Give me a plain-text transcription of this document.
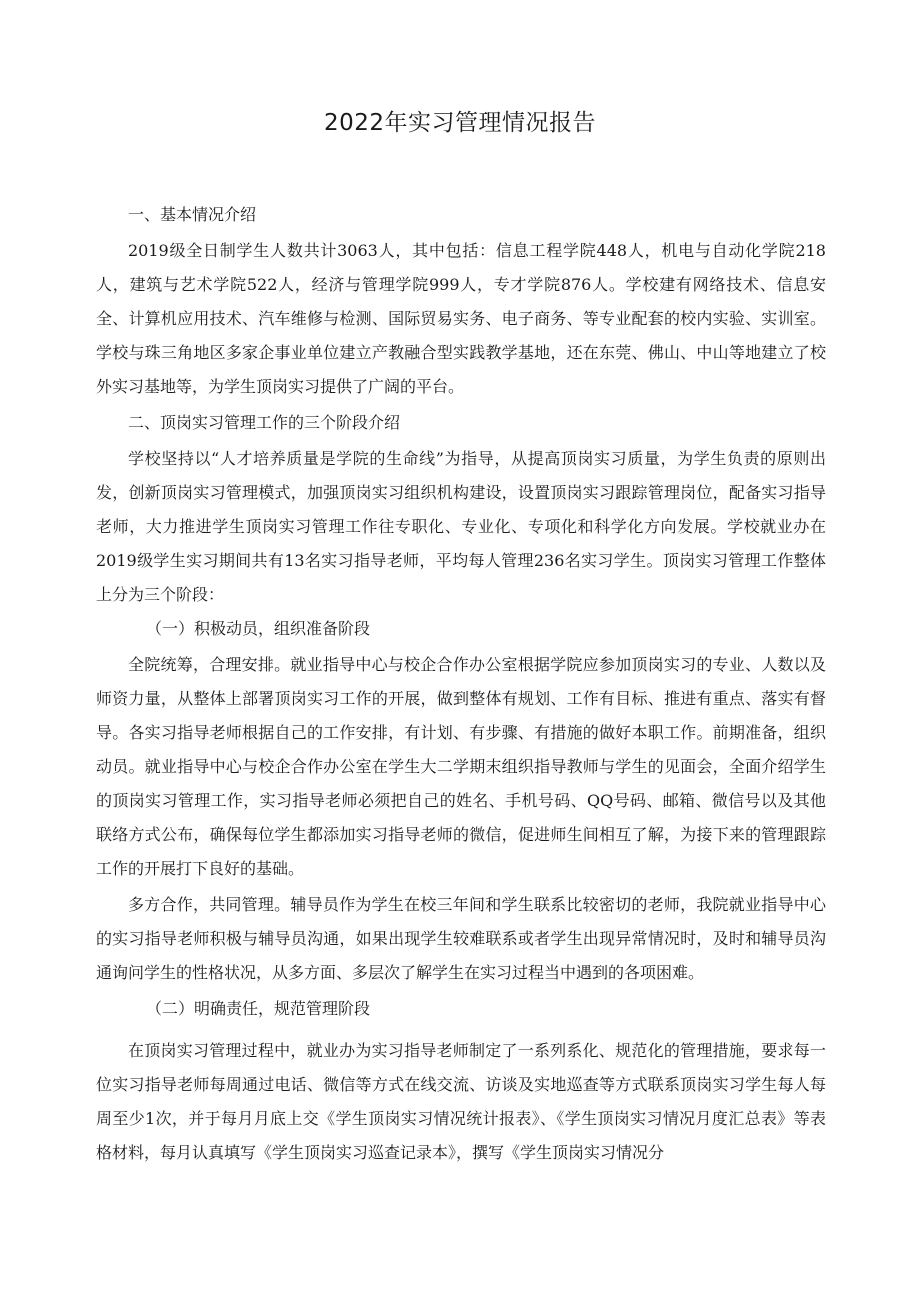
2022年实习管理情况报告

一、基本情况介绍

2019级全日制学生人数共计3063人，其中包括：信息工程学院448人，机电与自动化学院218人，建筑与艺术学院522人，经济与管理学院999人，专才学院876人。学校建有网络技术、信息安全、计算机应用技术、汽车维修与检测、国际贸易实务、电子商务、等专业配套的校内实验、实训室。学校与珠三角地区多家企事业单位建立产教融合型实践教学基地，还在东莞、佛山、中山等地建立了校外实习基地等，为学生顶岗实习提供了广阔的平台。

二、顶岗实习管理工作的三个阶段介绍

学校坚持以“人才培养质量是学院的生命线”为指导，从提高顶岗实习质量，为学生负责的原则出发，创新顶岗实习管理模式，加强顶岗实习组织机构建设，设置顶岗实习跟踪管理岗位，配备实习指导老师，大力推进学生顶岗实习管理工作往专职化、专业化、专项化和科学化方向发展。学校就业办在2019级学生实习期间共有13名实习指导老师，平均每人管理236名实习学生。顶岗实习管理工作整体上分为三个阶段：

（一）积极动员，组织准备阶段

全院统筹，合理安排。就业指导中心与校企合作办公室根据学院应参加顶岗实习的专业、人数以及师资力量，从整体上部署顶岗实习工作的开展，做到整体有规划、工作有目标、推进有重点、落实有督导。各实习指导老师根据自己的工作安排，有计划、有步骤、有措施的做好本职工作。前期准备，组织动员。就业指导中心与校企合作办公室在学生大二学期末组织指导教师与学生的见面会，全面介绍学生的顶岗实习管理工作，实习指导老师必须把自己的姓名、手机号码、QQ号码、邮箱、微信号以及其他联络方式公布，确保每位学生都添加实习指导老师的微信，促进师生间相互了解，为接下来的管理跟踪工作的开展打下良好的基础。

多方合作，共同管理。辅导员作为学生在校三年间和学生联系比较密切的老师，我院就业指导中心的实习指导老师积极与辅导员沟通，如果出现学生较难联系或者学生出现异常情况时，及时和辅导员沟通询问学生的性格状况，从多方面、多层次了解学生在实习过程当中遇到的各项困难。

（二）明确责任，规范管理阶段

在顶岗实习管理过程中，就业办为实习指导老师制定了一系列系化、规范化的管理措施，要求每一位实习指导老师每周通过电话、微信等方式在线交流、访谈及实地巡查等方式联系顶岗实习学生每人每周至少1次，并于每月月底上交《学生顶岗实习情况统计报表》、《学生顶岗实习情况月度汇总表》等表格材料，每月认真填写《学生顶岗实习巡查记录本》，撰写《学生顶岗实习情况分
